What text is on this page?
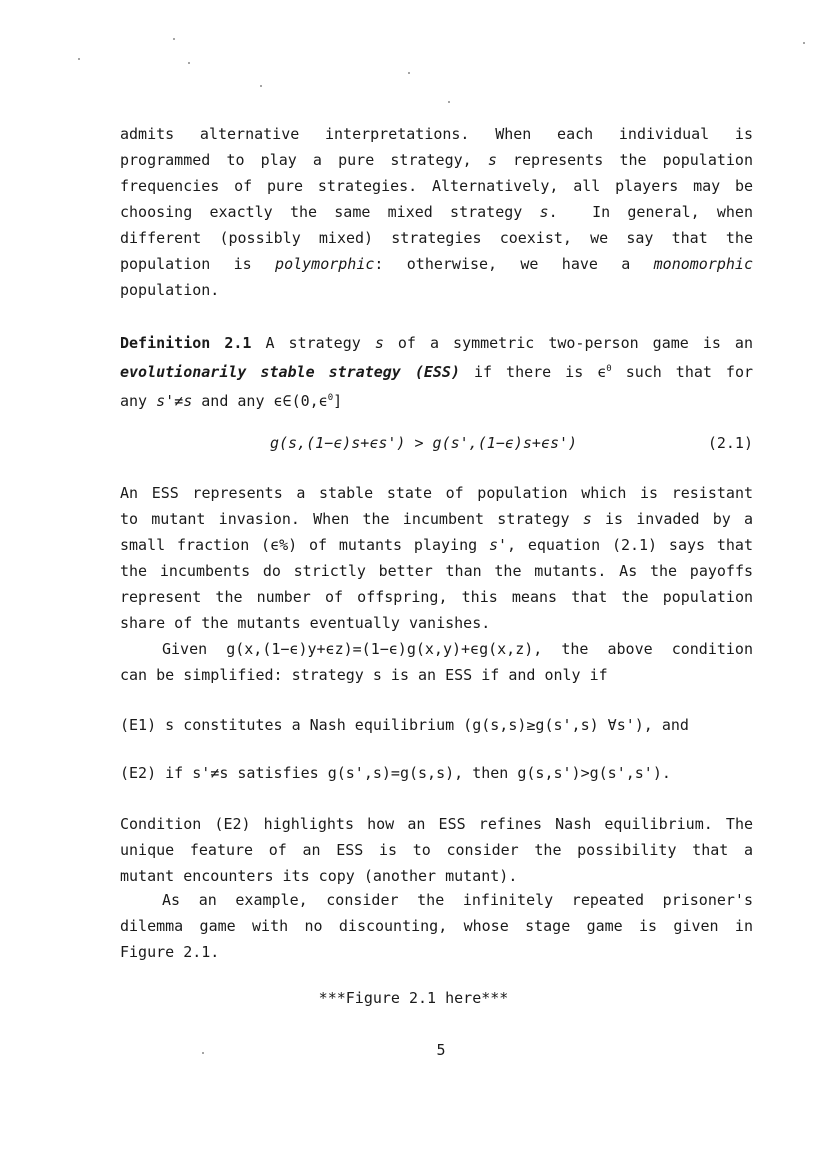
admits alternative interpretations. When each individual is
programmed to play a pure strategy, s represents the population
frequencies of pure strategies. Alternatively, all players may be
choosing exactly the same mixed strategy s.  In general, when
different (possibly mixed) strategies coexist, we say that the
population is polymorphic: otherwise, we have a monomorphic
population.
Definition 2.1 A strategy s of a symmetric two-person game is an
evolutionarily stable strategy (ESS) if there is $\epsilon^0$ such that for
any s'≠s and any $\epsilon\in(0,\epsilon^0]$
g(s,(1−ϵ)s+ϵs') > g(s',(1−ϵ)s+ϵs')	(2.1)
An ESS represents a stable state of population which is resistant
to mutant invasion. When the incumbent strategy s is invaded by a
small fraction (ϵ%) of mutants playing s', equation (2.1) says that
the incumbents do strictly better than the mutants. As the payoffs
represent the number of offspring, this means that the population
share of the mutants eventually vanishes.
Given g(x,(1−ϵ)y+ϵz)=(1−ϵ)g(x,y)+ϵg(x,z), the above condition
can be simplified: strategy s is an ESS if and only if
(E1) s constitutes a Nash equilibrium (g(s,s)≥g(s',s) ∀s'), and
(E2) if s'≠s satisfies g(s',s)=g(s,s), then g(s,s')>g(s',s').
Condition (E2) highlights how an ESS refines Nash equilibrium. The
unique feature of an ESS is to consider the possibility that a
mutant encounters its copy (another mutant).
As an example, consider the infinitely repeated prisoner's
dilemma game with no discounting, whose stage game is given in
Figure 2.1.
***Figure 2.1 here***
5
